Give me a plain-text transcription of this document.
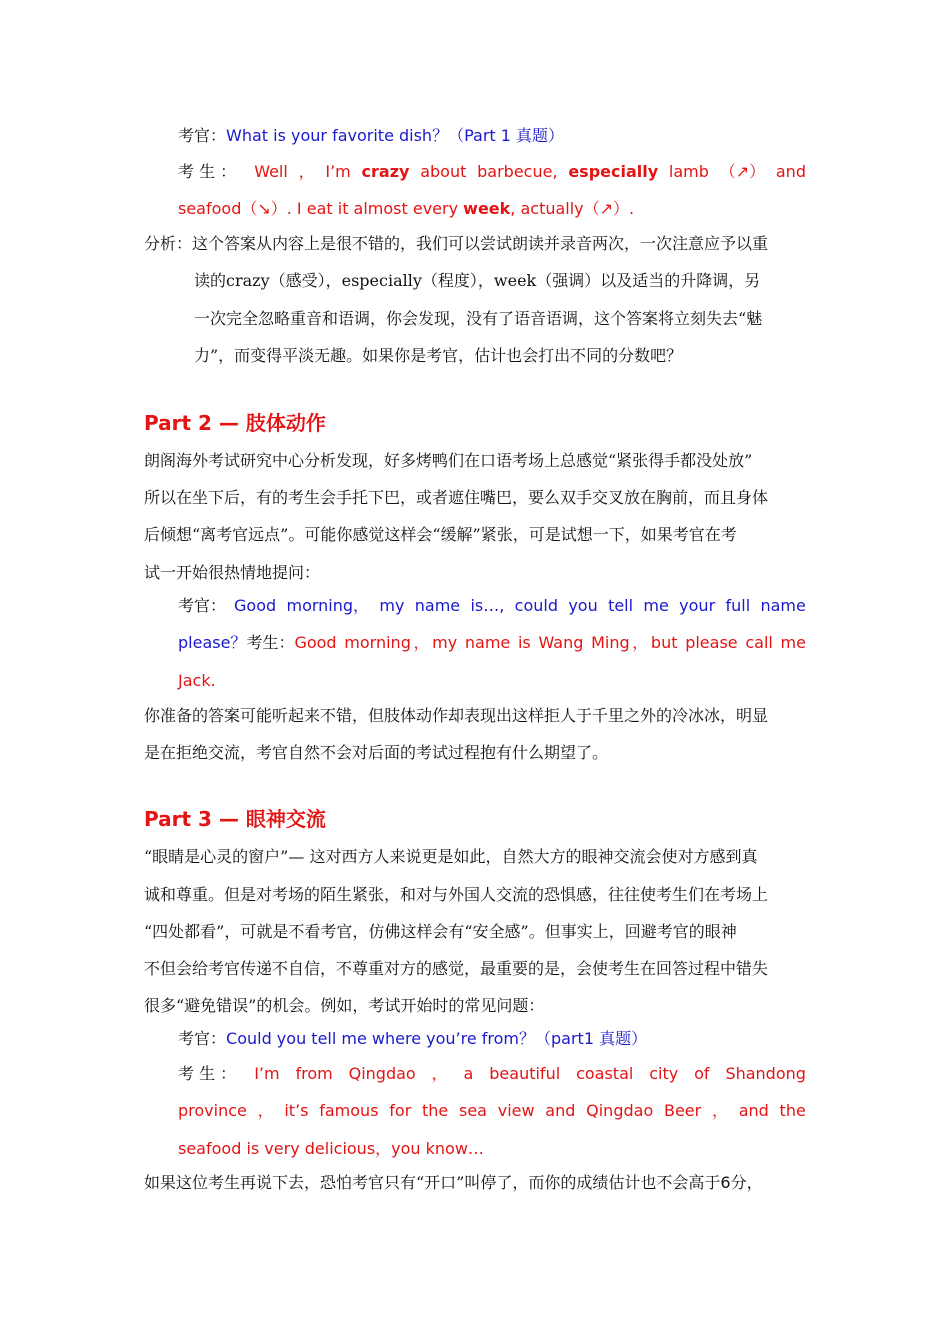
考官：What is your favorite dish？（Part 1 真题）
考 生 ： Well ， I’m crazy about barbecue, especially lamb （↗） and
seafood（↘）. I eat it almost every week, actually（↗）.
分析：这个答案从内容上是很不错的，我们可以尝试朗读并录音两次，一次注意应予以重
读的crazy（感受），especially（程度），week（强调）以及适当的升降调，另
一次完全忽略重音和语调，你会发现，没有了语音语调，这个答案将立刻失去“魅
力”，而变得平淡无趣。如果你是考官，估计也会打出不同的分数吧？
Part 2 — 肢体动作
朗阁海外考试研究中心分析发现，好多烤鸭们在口语考场上总感觉“紧张得手都没处放”
所以在坐下后，有的考生会手托下巴，或者遮住嘴巴，要么双手交叉放在胸前，而且身体
后倾想“离考官远点”。可能你感觉这样会“缓解”紧张，可是试想一下，如果考官在考
试一开始很热情地提问：
考官： Good morning， my name is…, could you tell me your full name
please？ 考生： Good morning，my name is Wang Ming，but please call me
Jack.
你准备的答案可能听起来不错，但肢体动作却表现出这样拒人于千里之外的冷冰冰，明显
是在拒绝交流，考官自然不会对后面的考试过程抱有什么期望了。
Part 3 — 眼神交流
“眼睛是心灵的窗户”— 这对西方人来说更是如此，自然大方的眼神交流会使对方感到真
诚和尊重。但是对考场的陌生紧张，和对与外国人交流的恐惧感，往往使考生们在考场上
“四处都看”，可就是不看考官，仿佛这样会有“安全感”。但事实上，回避考官的眼神
不但会给考官传递不自信，不尊重对方的感觉，最重要的是，会使考生在回答过程中错失
很多“避免错误”的机会。例如，考试开始时的常见问题：
考官：Could you tell me where you’re from？（part1 真题）
考 生 ： I’m from Qingdao ， a beautiful coastal city of Shandong
province ， it’s famous for the sea view and Qingdao Beer ， and the
seafood is very delicious，you know…
如果这位考生再说下去，恐怕考官只有“开口”叫停了，而你的成绩估计也不会高于6分，
